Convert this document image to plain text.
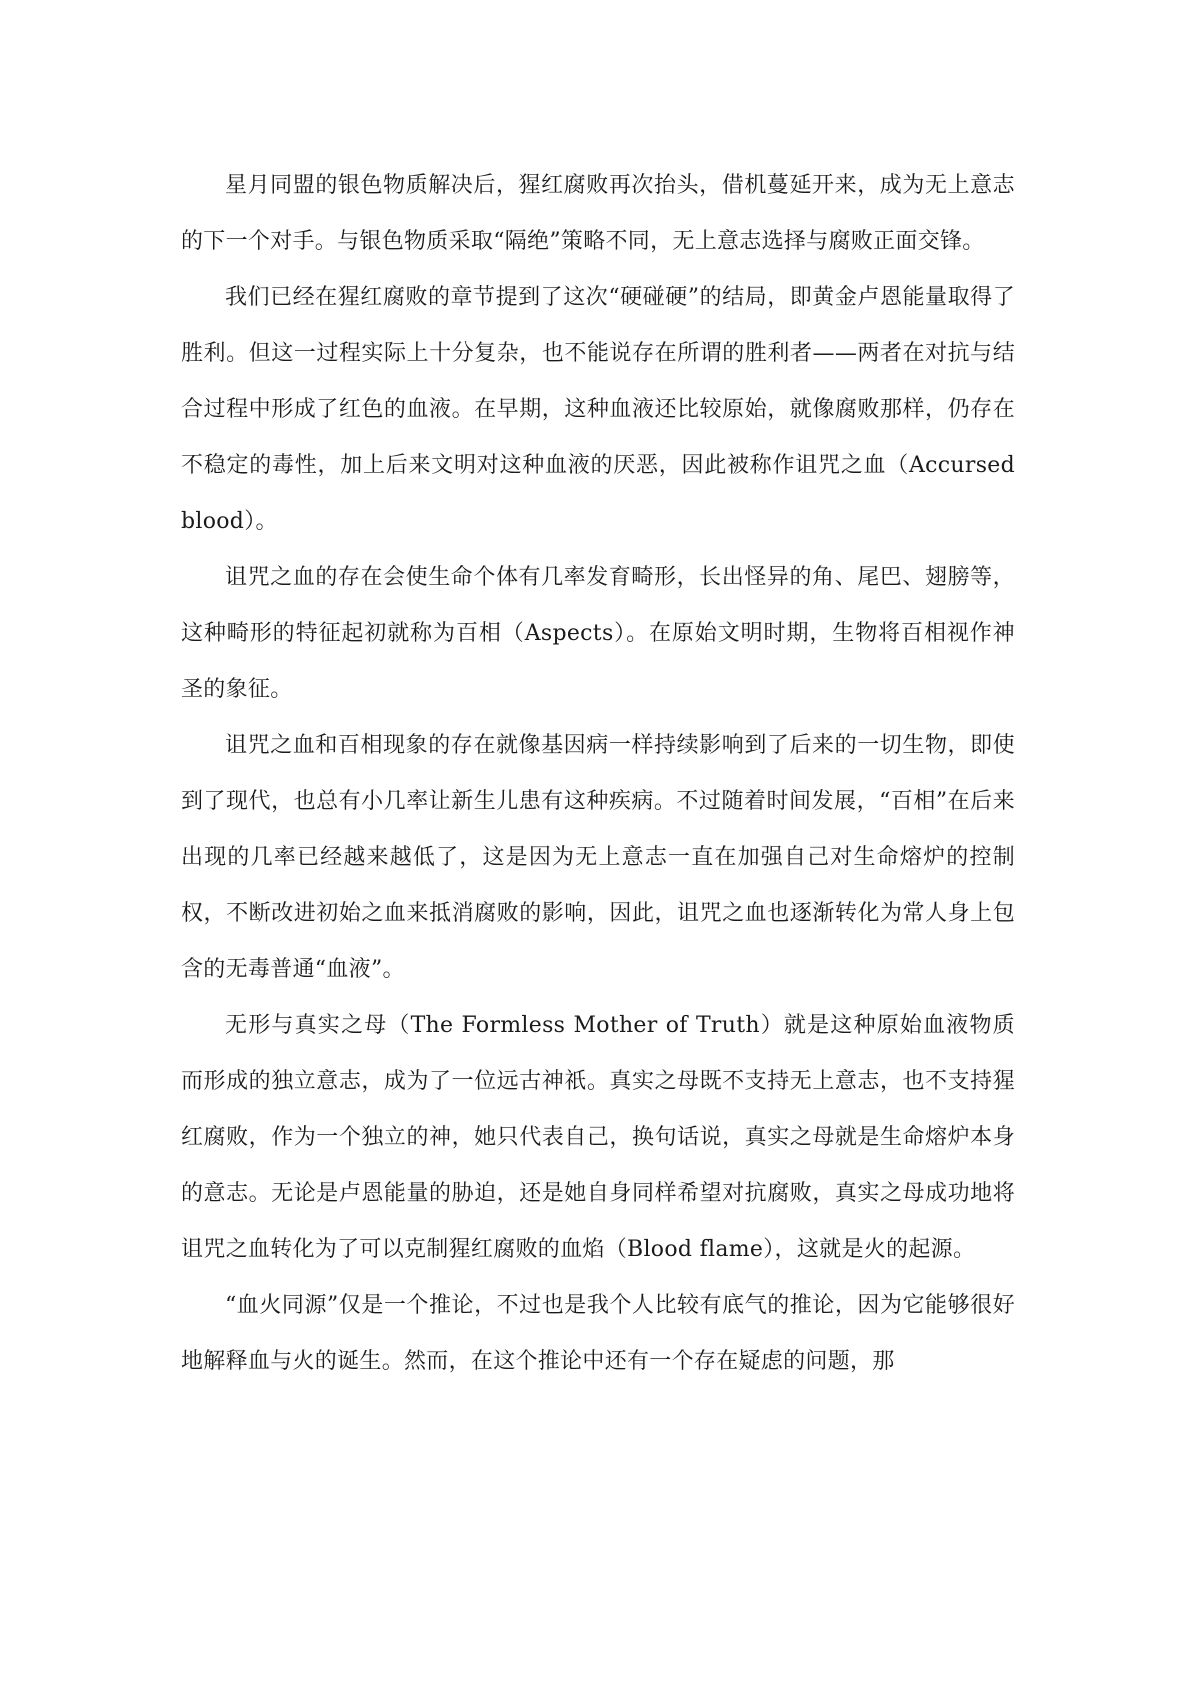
星月同盟的银色物质解决后，猩红腐败再次抬头，借机蔓延开来，成为无上意志的下一个对手。与银色物质采取“隔绝”策略不同，无上意志选择与腐败正面交锋。

我们已经在猩红腐败的章节提到了这次“硬碰硬”的结局，即黄金卢恩能量取得了胜利。但这一过程实际上十分复杂，也不能说存在所谓的胜利者——两者在对抗与结合过程中形成了红色的血液。在早期，这种血液还比较原始，就像腐败那样，仍存在不稳定的毒性，加上后来文明对这种血液的厌恶，因此被称作诅咒之血（Accursed blood）。

诅咒之血的存在会使生命个体有几率发育畸形，长出怪异的角、尾巴、翅膀等，这种畸形的特征起初就称为百相（Aspects）。在原始文明时期，生物将百相视作神圣的象征。

诅咒之血和百相现象的存在就像基因病一样持续影响到了后来的一切生物，即使到了现代，也总有小几率让新生儿患有这种疾病。不过随着时间发展，“百相”在后来出现的几率已经越来越低了，这是因为无上意志一直在加强自己对生命熔炉的控制权，不断改进初始之血来抵消腐败的影响，因此，诅咒之血也逐渐转化为常人身上包含的无毒普通“血液”。

无形与真实之母（The Formless Mother of Truth）就是这种原始血液物质而形成的独立意志，成为了一位远古神祇。真实之母既不支持无上意志，也不支持猩红腐败，作为一个独立的神，她只代表自己，换句话说，真实之母就是生命熔炉本身的意志。无论是卢恩能量的胁迫，还是她自身同样希望对抗腐败，真实之母成功地将诅咒之血转化为了可以克制猩红腐败的血焰（Blood flame），这就是火的起源。

“血火同源”仅是一个推论，不过也是我个人比较有底气的推论，因为它能够很好地解释血与火的诞生。然而，在这个推论中还有一个存在疑虑的问题，那
